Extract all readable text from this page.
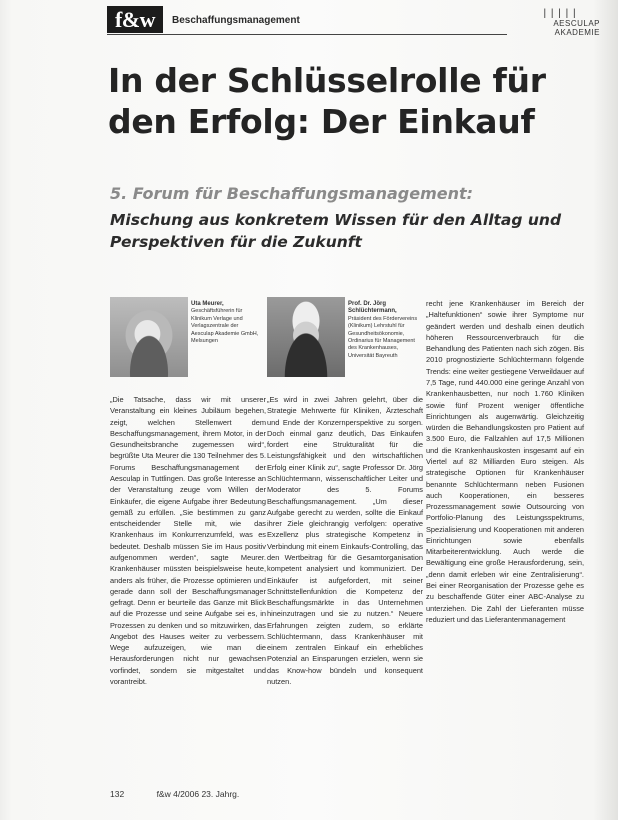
f&w	Beschaffungsmanagement
| | | | |
AESCULAP
AKADEMIE
In der Schlüsselrolle für den Erfolg: Der Einkauf
5. Forum für Beschaffungsmanagement:
Mischung aus konkretem Wissen für den Alltag und Perspektiven für die Zukunft
Uta Meurer,
Geschäftsführerin für Klinikum Verlage und Verlagszentrale der Aesculap Akademie GmbH, Melsungen
Prof. Dr. Jörg Schlüchtermann,
Präsident des Fördervereins (Klinikum) Lehrstuhl für Gesundheitsökonomie, Ordinarius für Management des Krankenhauses, Universität Bayreuth

„Die Tatsache, dass wir mit unserer Veranstaltung ein kleines Jubiläum begehen, zeigt, welchen Stellenwert dem Beschaffungsmanagement, ihrem Motor, in der Gesundheitsbranche zugemessen wird“, begrüßte Uta Meurer die 130 Teilnehmer des 5. Forums Beschaffungsmanagement der Aesculap in Tuttlingen. Das große Interesse an der Veranstaltung zeuge vom Willen der Einkäufer, die eigene Aufgabe ihrer Bedeutung gemäß zu erfüllen. „Sie bestimmen zu ganz entscheidender Stelle mit, wie das Krankenhaus im Konkurrenzumfeld, was es bedeutet. Deshalb müssen Sie im Haus positiv aufgenommen werden“, sagte Meurer. Krankenhäuser müssten beispielsweise heute, anders als früher, die Prozesse optimieren und gerade dann soll der Beschaffungsmanager gefragt. Denn er beurteile das Ganze mit Blick auf die Prozesse und seine Aufgabe sei es, in Prozessen zu denken und so mitzuwirken, das Angebot des Hauses weiter zu verbessern. Wege aufzuzeigen, wie man die Herausforderungen nicht nur gewachsen vorfindet, sondern sie mitgestaltet und vorantreibt.

„Es wird in zwei Jahren gelehrt, über die Strategie Mehrwerte für Kliniken, Ärzteschaft und Ende der Konzernperspektive zu sorgen. Doch einmal ganz deutlich, Das Einkaufen fordert eine Strukturalität für die Leistungsfähigkeit und den wirtschaftlichen Erfolg einer Klinik zu“, sagte Professor Dr. Jörg Schlüchtermann, wissenschaftlicher Leiter und Moderator des 5. Forums Beschaffungsmanagement. „Um dieser Aufgabe gerecht zu werden, sollte die Einkauf ihrer Ziele gleichrangig verfolgen: operative Exzellenz plus strategische Kompetenz in Verbindung mit einem Einkaufs-Controlling, das den Wertbeitrag für die Gesamtorganisation kompetent analysiert und kommuniziert. Der Einkäufer ist aufgefordert, mit seiner Schnittstellenfunktion die Kompetenz der Beschaffungsmärkte in das Unternehmen hineinzutragen und sie zu nutzen.“ Neuere Erfahrungen zeigten zudem, so erklärte Schlüchtermann, dass Krankenhäuser mit einem zentralen Einkauf ein erhebliches Potenzial an Einsparungen erzielen, wenn sie das Know-how bündeln und konsequent nutzen.

recht jene Krankenhäuser im Bereich der „Haltefunktionen“ sowie ihrer Symptome nur geändert werden und deshalb einen deutlich höheren Ressourcenverbrauch für die Behandlung des Patienten nach sich zögen. Bis 2010 prognostizierte Schlüchtermann folgende Trends: eine weiter gestiegene Verweildauer auf 7,5 Tage, rund 440.000 eine geringe Anzahl von Krankenhausbetten, nur noch 1.760 Kliniken sowie fünf Prozent weniger öffentliche Einrichtungen als augenwärtig. Gleichzeitig würden die Behandlungskosten pro Patient auf 3.500 Euro, die Fallzahlen auf 17,5 Millionen und die Krankenhauskosten insgesamt auf ein Viertel auf 82 Milliarden Euro steigen. Als strategische Optionen für Krankenhäuser benannte Schlüchtermann neben Fusionen auch Kooperationen, ein besseres Prozessmanagement sowie Outsourcing von Portfolio-Planung des Leistungsspektrums, Spezialisierung und Kooperationen mit anderen Einrichtungen sowie ebenfalls Mitarbeiterentwicklung. Auch werde die Bewältigung eine große Herausforderung, sein, „denn damit erleben wir eine Zentralisierung“. Bei einer Reorganisation der Prozesse gehe es zu beschaffende Güter einer ABC-Analyse zu unterziehen. Die Zahl der Lieferanten müsse reduziert und das Lieferantenmanagement

132	f&w 4/2006 23. Jahrg.
